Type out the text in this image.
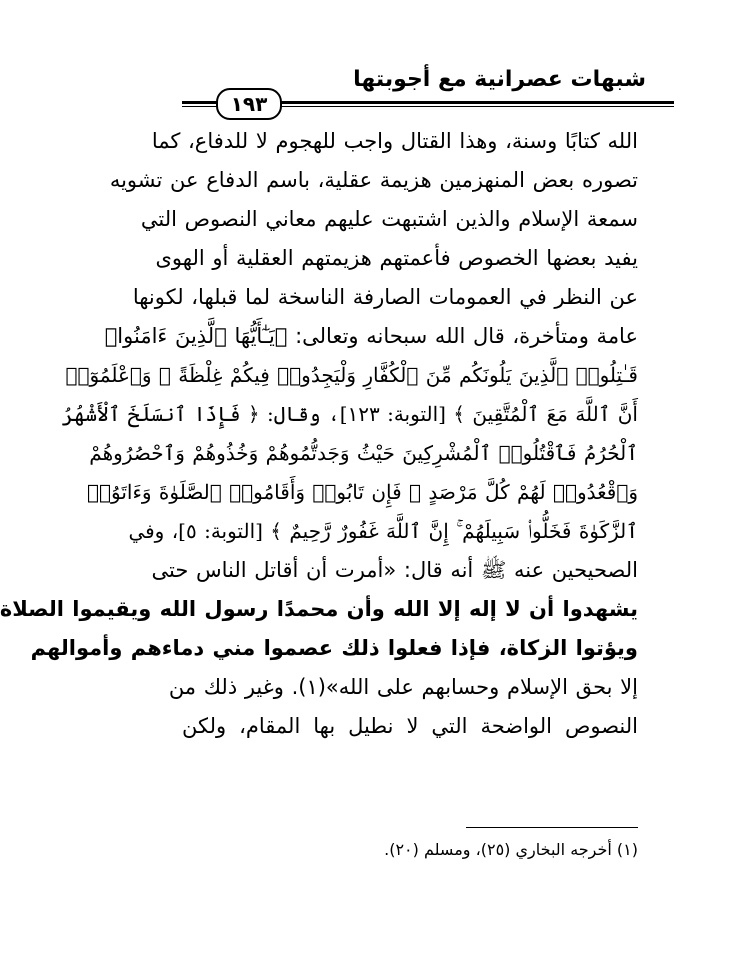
شبهات عصرانية مع أجوبتها
١٩٣
الله كتابًا وسنة، وهذا القتال واجب للهجوم لا للدفاع، كما
تصوره بعض المنهزمين هزيمة عقلية، باسم الدفاع عن تشويه
سمعة الإسلام والذين اشتبهت عليهم معاني النصوص التي
يفيد بعضها الخصوص فأعمتهم هزيمتهم العقلية أو الهوى
عن النظر في العمومات الصارفة الناسخة لما قبلها، لكونها
عامة ومتأخرة، قال الله سبحانه وتعالى: ﴿يَـٰٓأَيُّهَا ٱلَّذِينَ ءَامَنُوا۟
قَـٰتِلُوا۟ ٱلَّذِينَ يَلُونَكُم مِّنَ ٱلْكُفَّارِ وَلْيَجِدُوا۟ فِيكُمْ غِلْظَةً ۚ وَٱعْلَمُوٓا۟
أَنَّ ٱللَّهَ مَعَ ٱلْمُتَّقِينَ ﴾ [التوبة: ١٢٣]، وقال: ﴿ فَإِذَا ٱنسَلَخَ ٱلْأَشْهُرُ
ٱلْحُرُمُ فَٱقْتُلُوا۟ ٱلْمُشْرِكِينَ حَيْثُ وَجَدتُّمُوهُمْ وَخُذُوهُمْ وَٱحْصُرُوهُمْ
وَٱقْعُدُوا۟ لَهُمْ كُلَّ مَرْصَدٍ ۚ فَإِن تَابُوا۟ وَأَقَامُوا۟ ٱلصَّلَوٰةَ وَءَاتَوُا۟
ٱلزَّكَوٰةَ فَخَلُّوا۟ سَبِيلَهُمْ ۚ إِنَّ ٱللَّهَ غَفُورٌ رَّحِيمٌ ﴾ [التوبة: ٥]، وفي
الصحيحين عنه ﷺ أنه قال: «أمرت أن أقاتل الناس حتى
يشهدوا أن لا إله إلا الله وأن محمدًا رسول الله ويقيموا الصلاة
ويؤتوا الزكاة، فإذا فعلوا ذلك عصموا مني دماءهم وأموالهم
إلا بحق الإسلام وحسابهم على الله»(١). وغير ذلك من
النصوص الواضحة التي لا نطيل بها المقام، ولكن
(١) أخرجه البخاري (٢٥)، ومسلم (٢٠).
